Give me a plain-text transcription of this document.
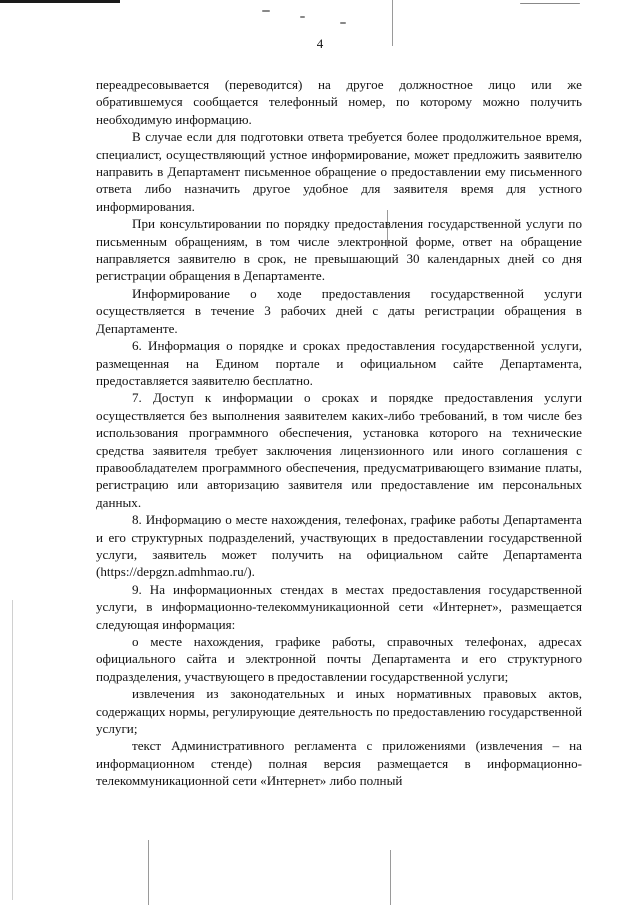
4

переадресовывается (переводится) на другое должностное лицо или же обратившемуся сообщается телефонный номер, по которому можно получить необходимую информацию.

В случае если для подготовки ответа требуется более продолжительное время, специалист, осуществляющий устное информирование, может предложить заявителю направить в Департамент письменное обращение о предоставлении ему письменного ответа либо назначить другое удобное для заявителя время для устного информирования.

При консультировании по порядку предоставления государственной услуги по письменным обращениям, в том числе электронной форме, ответ на обращение направляется заявителю в срок, не превышающий 30 календарных дней со дня регистрации обращения в Департаменте.

Информирование о ходе предоставления государственной услуги осуществляется в течение 3 рабочих дней с даты регистрации обращения в Департаменте.

6. Информация о порядке и сроках предоставления государственной услуги, размещенная на Едином портале и официальном сайте Департамента, предоставляется заявителю бесплатно.

7. Доступ к информации о сроках и порядке предоставления услуги осуществляется без выполнения заявителем каких-либо требований, в том числе без использования программного обеспечения, установка которого на технические средства заявителя требует заключения лицензионного или иного соглашения с правообладателем программного обеспечения, предусматривающего взимание платы, регистрацию или авторизацию заявителя или предоставление им персональных данных.

8. Информацию о месте нахождения, телефонах, графике работы Департамента и его структурных подразделений, участвующих в предоставлении государственной услуги, заявитель может получить на официальном сайте Департамента (https://depgzn.admhmao.ru/).

9. На информационных стендах в местах предоставления государственной услуги, в информационно-телекоммуникационной сети «Интернет», размещается следующая информация:

о месте нахождения, графике работы, справочных телефонах, адресах официального сайта и электронной почты Департамента и его структурного подразделения, участвующего в предоставлении государственной услуги;

извлечения из законодательных и иных нормативных правовых актов, содержащих нормы, регулирующие деятельность по предоставлению государственной услуги;

текст Административного регламента с приложениями (извлечения – на информационном стенде) полная версия размещается в информационно-телекоммуникационной сети «Интернет» либо полный
